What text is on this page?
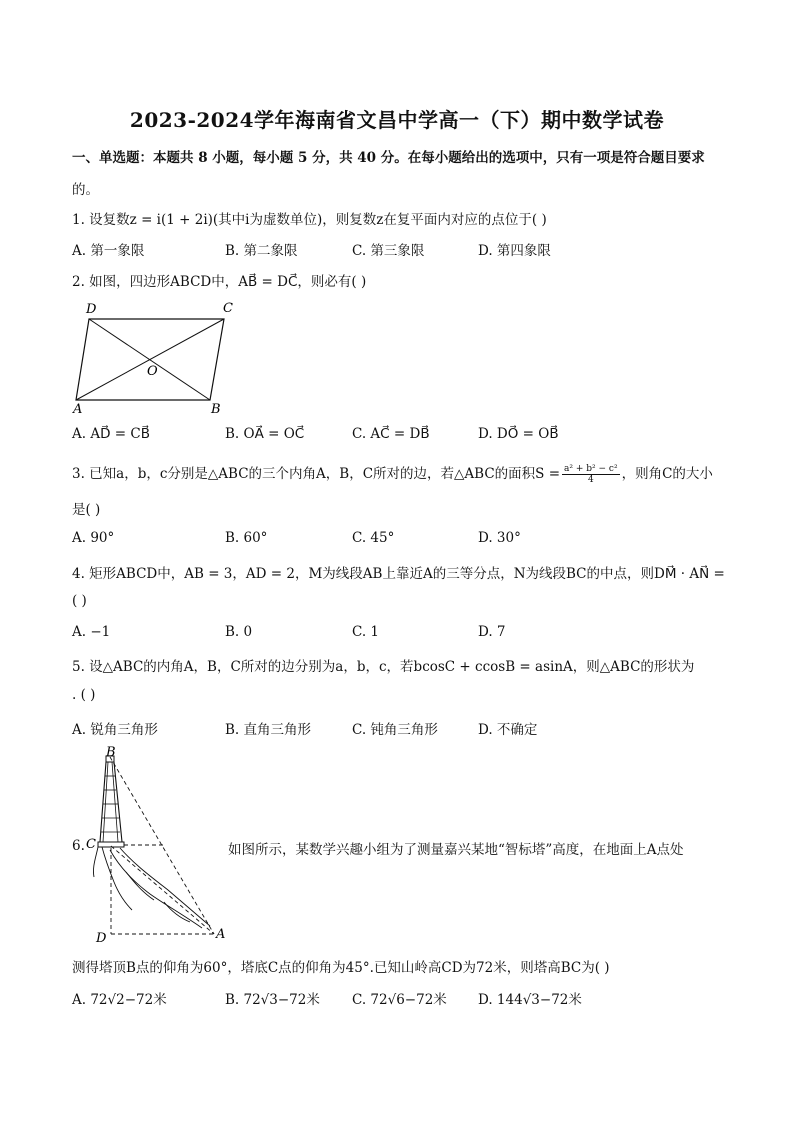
2023-2024学年海南省文昌中学高一（下）期中数学试卷
一、单选题：本题共 8 小题，每小题 5 分，共 40 分。在每小题给出的选项中，只有一项是符合题目要求
的。
1. 设复数z = i(1 + 2i)(其中i为虚数单位)，则复数z在复平面内对应的点位于( )
A. 第一象限	B. 第二象限	C. 第三象限	D. 第四象限
2. 如图，四边形ABCD中，AB⃗ = DC⃗，则必有( )
D	C
O
A	B
A. AD⃗ = CB⃗	B. OA⃗ = OC⃗	C. AC⃗ = DB⃗	D. DO⃗ = OB⃗
3. 已知a，b，c分别是△ABC的三个内角A，B，C所对的边，若△ABC的面积$S = \frac{\text{a² + b² − c²}}{4}$ ，则角C的大小
是( )
A. 90°	B. 60°	C. 45°	D. 30°
4. 矩形ABCD中，AB = 3，AD = 2，M为线段AB上靠近A的三等分点，N为线段BC的中点，则DM⃗ · AN⃗ =
( )
A. −1	B. 0	C. 1	D. 7
5. 设△ABC的内角A，B，C所对的边分别为a，b，c，若bcosC + ccosB = asinA，则△ABC的形状为
. ( )
A. 锐角三角形	B. 直角三角形	C. 钝角三角形	D. 不确定
6.
B
C
D	A
如图所示，某数学兴趣小组为了测量嘉兴某地“智标塔”高度，在地面上A点处
测得塔顶B点的仰角为60°，塔底C点的仰角为45°.已知山岭高CD为72米，则塔高BC为( )
A. 72√2−72米	B. 72√3−72米 C. 72√6−72米 D. 144√3−72米
